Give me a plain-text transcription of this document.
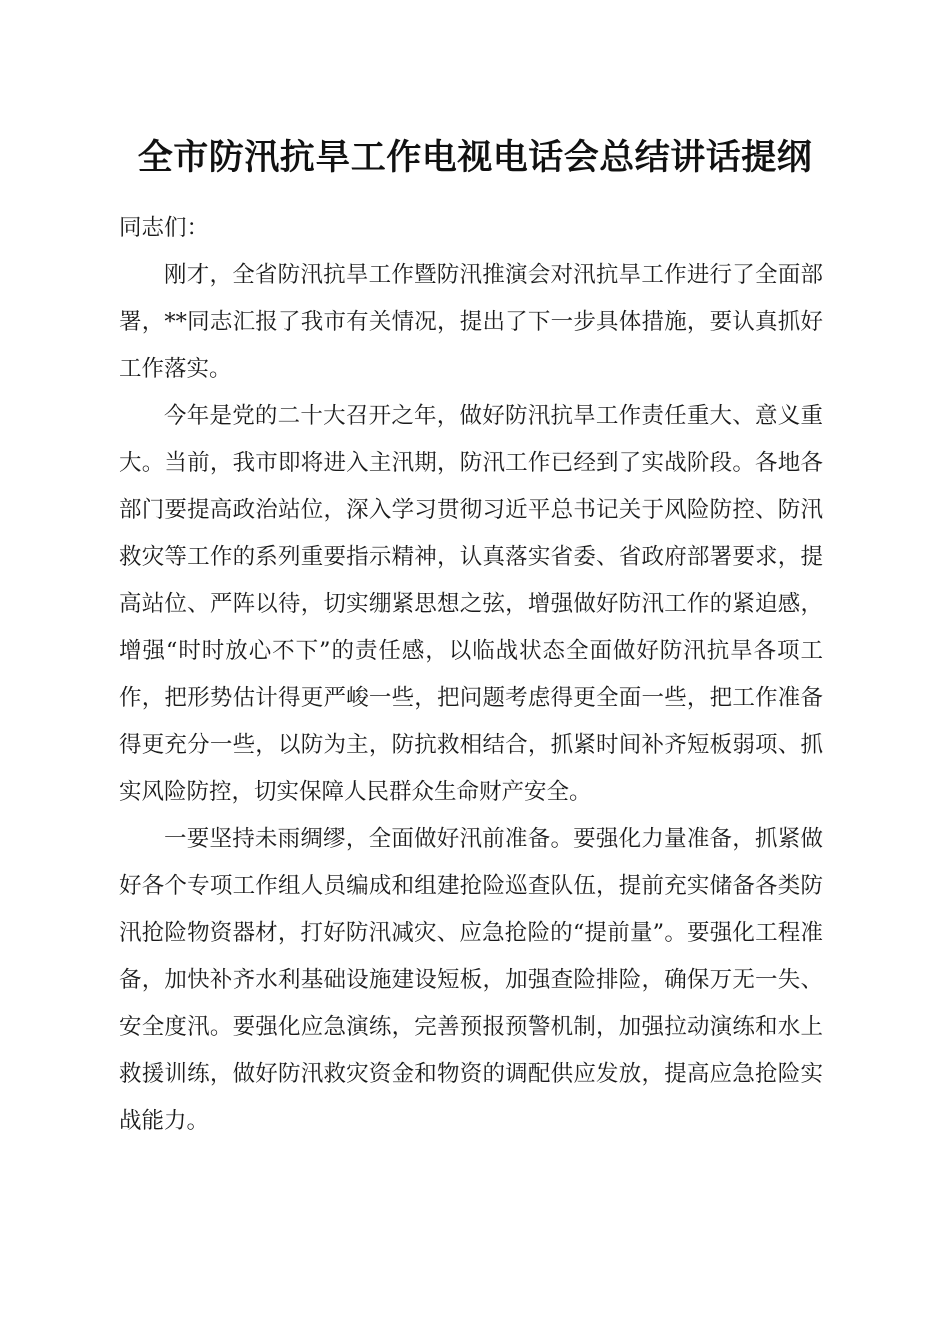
全市防汛抗旱工作电视电话会总结讲话提纲

同志们：

刚才，全省防汛抗旱工作暨防汛推演会对汛抗旱工作进行了全面部署，**同志汇报了我市有关情况，提出了下一步具体措施，要认真抓好工作落实。

今年是党的二十大召开之年，做好防汛抗旱工作责任重大、意义重大。当前，我市即将进入主汛期，防汛工作已经到了实战阶段。各地各部门要提高政治站位，深入学习贯彻习近平总书记关于风险防控、防汛救灾等工作的系列重要指示精神，认真落实省委、省政府部署要求，提高站位、严阵以待，切实绷紧思想之弦，增强做好防汛工作的紧迫感，增强“时时放心不下”的责任感，以临战状态全面做好防汛抗旱各项工作，把形势估计得更严峻一些，把问题考虑得更全面一些，把工作准备得更充分一些，以防为主，防抗救相结合，抓紧时间补齐短板弱项、抓实风险防控，切实保障人民群众生命财产安全。

一要坚持未雨绸缪，全面做好汛前准备。要强化力量准备，抓紧做好各个专项工作组人员编成和组建抢险巡查队伍，提前充实储备各类防汛抢险物资器材，打好防汛减灾、应急抢险的“提前量”。要强化工程准备，加快补齐水利基础设施建设短板，加强查险排险，确保万无一失、安全度汛。要强化应急演练，完善预报预警机制，加强拉动演练和水上救援训练，做好防汛救灾资金和物资的调配供应发放，提高应急抢险实战能力。
